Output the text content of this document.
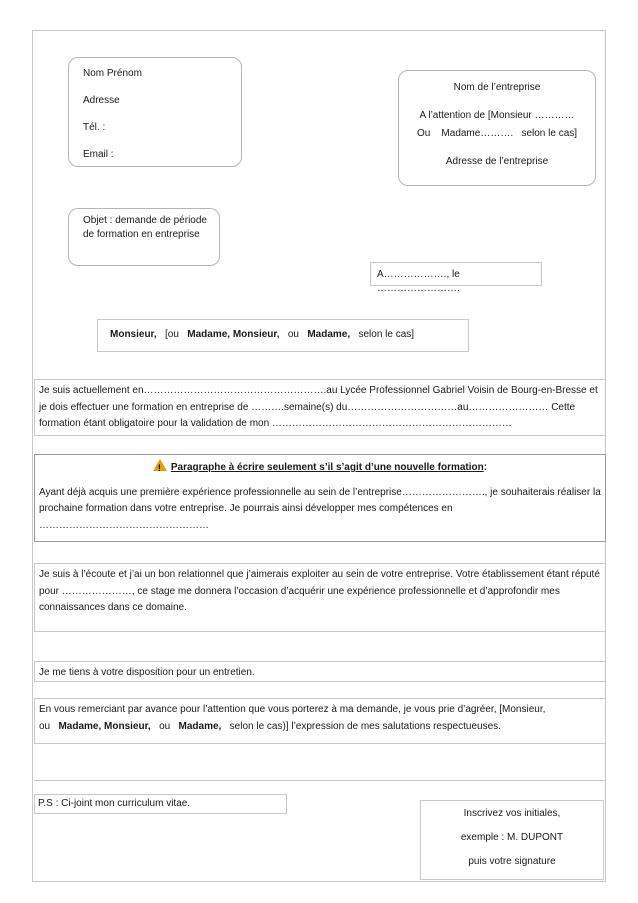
Nom Prénom
Adresse
Tél. :
Email :
Nom de l’entreprise
A l’attention de [Monsieur …………
Ou    Madame……….   selon le cas]
Adresse de l’entreprise
Objet : demande de période de formation en entreprise
A………………., le …………………….
Monsieur, [ou Madame, Monsieur, ou Madame, selon le cas]
Je suis actuellement en……………………………………………….au Lycée Professionnel Gabriel Voisin de Bourg-en-Bresse et je dois effectuer une formation en entreprise de ……….semaine(s) du……………………………au…………………… Cette formation étant obligatoire pour la validation de mon ………………………………………………………………
!Paragraphe à écrire seulement s’il s’agit d’une nouvelle formation:
Ayant déjà acquis une première expérience professionnelle au sein de l’entreprise……………………., je souhaiterais réaliser la prochaine formation dans votre entreprise. Je pourrais ainsi développer mes compétences en ……………………………………………
Je suis à l’écoute et j’ai un bon relationnel que j’aimerais exploiter au sein de votre entreprise. Votre établissement étant réputé pour …………………, ce stage me donnera l’occasion d’acquérir une expérience professionnelle et d’approfondir mes connaissances dans ce domaine.
Je me tiens à votre disposition pour un entretien.
En vous remerciant par avance pour l’attention que vous porterez à ma demande, je vous prie d’agréer, [Monsieur,
ou Madame, Monsieur, ou Madame, selon le cas)] l’expression de mes salutations respectueuses.
P.S : Ci-joint mon curriculum vitae.
Inscrivez vos initiales,
exemple : M. DUPONT
puis votre signature
